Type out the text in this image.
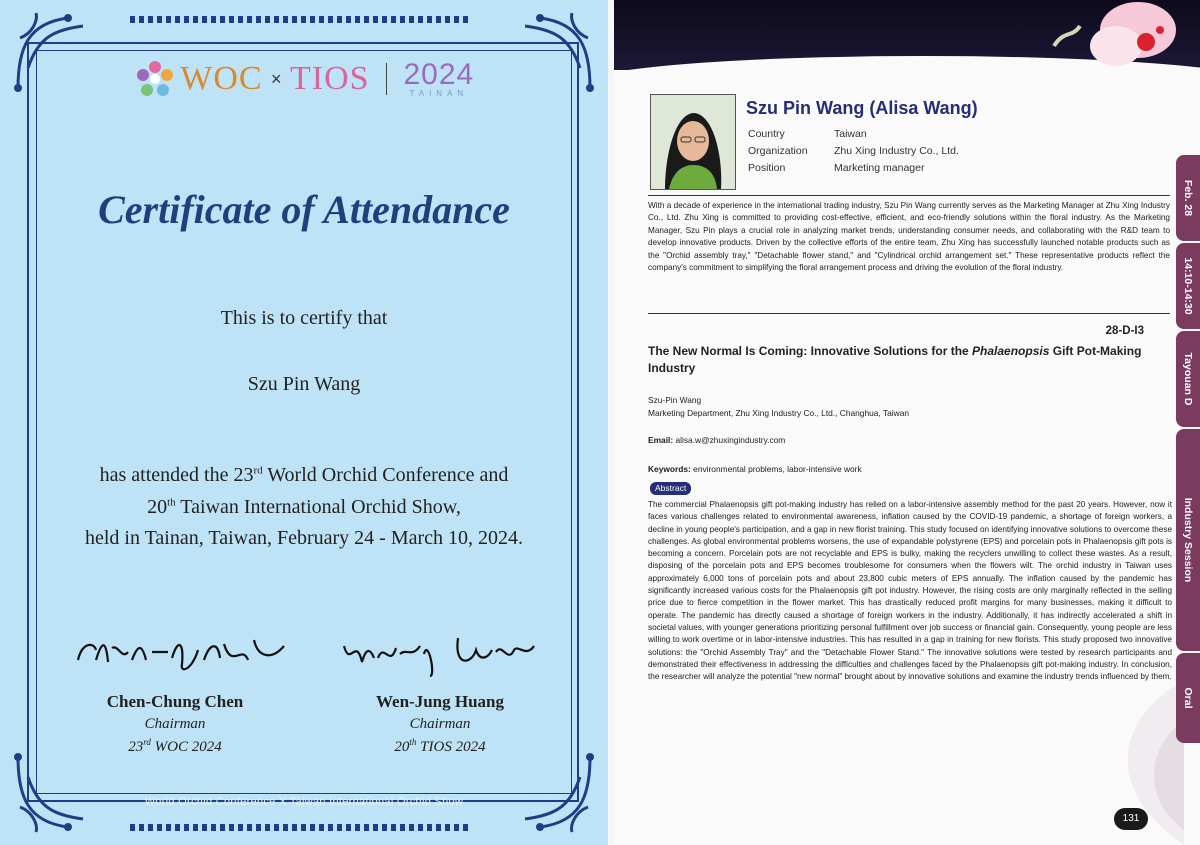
WOC × TIOS 2024
TAINAN
Certificate of Attendance
This is to certify that
Szu Pin Wang
has attended the 23rd World Orchid Conference and
20th Taiwan International Orchid Show,
held in Tainan, Taiwan, February 24 - March 10, 2024.
Chen-Chung Chen
Chairman
23rd WOC 2024
Wen-Jung Huang
Chairman
20th TIOS 2024
World Orchid Conference X Taiwan International Orchid Show
Szu Pin Wang (Alisa Wang)
Country	Taiwan
Organization	Zhu Xing Industry Co., Ltd.
Position	Marketing manager
With a decade of experience in the international trading industry, Szu Pin Wang currently serves as the Marketing Manager at Zhu Xing Industry Co., Ltd. Zhu Xing is committed to providing cost-effective, efficient, and eco-friendly solutions within the floral industry. As the Marketing Manager, Szu Pin plays a crucial role in analyzing market trends, understanding consumer needs, and collaborating with the R&D team to develop innovative products. Driven by the collective efforts of the entire team, Zhu Xing has successfully launched notable products such as the "Orchid assembly tray," "Detachable flower stand," and "Cylindrical orchid arrangement set." These representative products reflect the company's commitment to simplifying the floral arrangement process and driving the evolution of the floral industry.
28-D-I3
The New Normal Is Coming: Innovative Solutions for the Phalaenopsis Gift Pot-Making Industry
Szu-Pin Wang
Marketing Department, Zhu Xing Industry Co., Ltd., Changhua, Taiwan
Email: alisa.w@zhuxingindustry.com
Keywords: environmental problems, labor-intensive work
Abstract
The commercial Phalaenopsis gift pot-making industry has relied on a labor-intensive assembly method for the past 20 years. However, now it faces various challenges related to environmental awareness, inflation caused by the COVID-19 pandemic, a shortage of foreign workers, a decline in young people's participation, and a gap in new florist training. This study focused on identifying innovative solutions to overcome these challenges. As global environmental problems worsens, the use of expandable polystyrene (EPS) and porcelain pots in Phalaenopsis gift pots is becoming a concern. Porcelain pots are not recyclable and EPS is bulky, making the recyclers unwilling to collect these wastes. As a result, disposing of the porcelain pots and EPS becomes troublesome for consumers when the flowers wilt. The orchid industry in Taiwan uses approximately 6,000 tons of porcelain pots and about 23,800 cubic meters of EPS annually. The inflation caused by the pandemic has significantly increased various costs for the Phalaenopsis gift pot industry. However, the rising costs are only marginally reflected in the selling price due to fierce competition in the flower market. This has drastically reduced profit margins for many businesses, making it difficult to operate. The pandemic has directly caused a shortage of foreign workers in the industry. Additionally, it has indirectly accelerated a shift in societal values, with younger generations prioritizing personal fulfillment over job success or financial gain. Consequently, young people are less willing to work overtime or in labor-intensive industries. This has resulted in a gap in training for new florists. This study proposed two innovative solutions: the "Orchid Assembly Tray" and the "Detachable Flower Stand." The innovative solutions were tested by research participants and demonstrated their effectiveness in addressing the difficulties and challenges faced by the Phalaenopsis gift pot-making industry. In conclusion, the researcher will analyze the potential "new normal" brought about by innovative solutions and examine the industry trends influenced by them.
Feb. 28
14:10-14:30
Tayouan D
Industry Session
Oral
131
